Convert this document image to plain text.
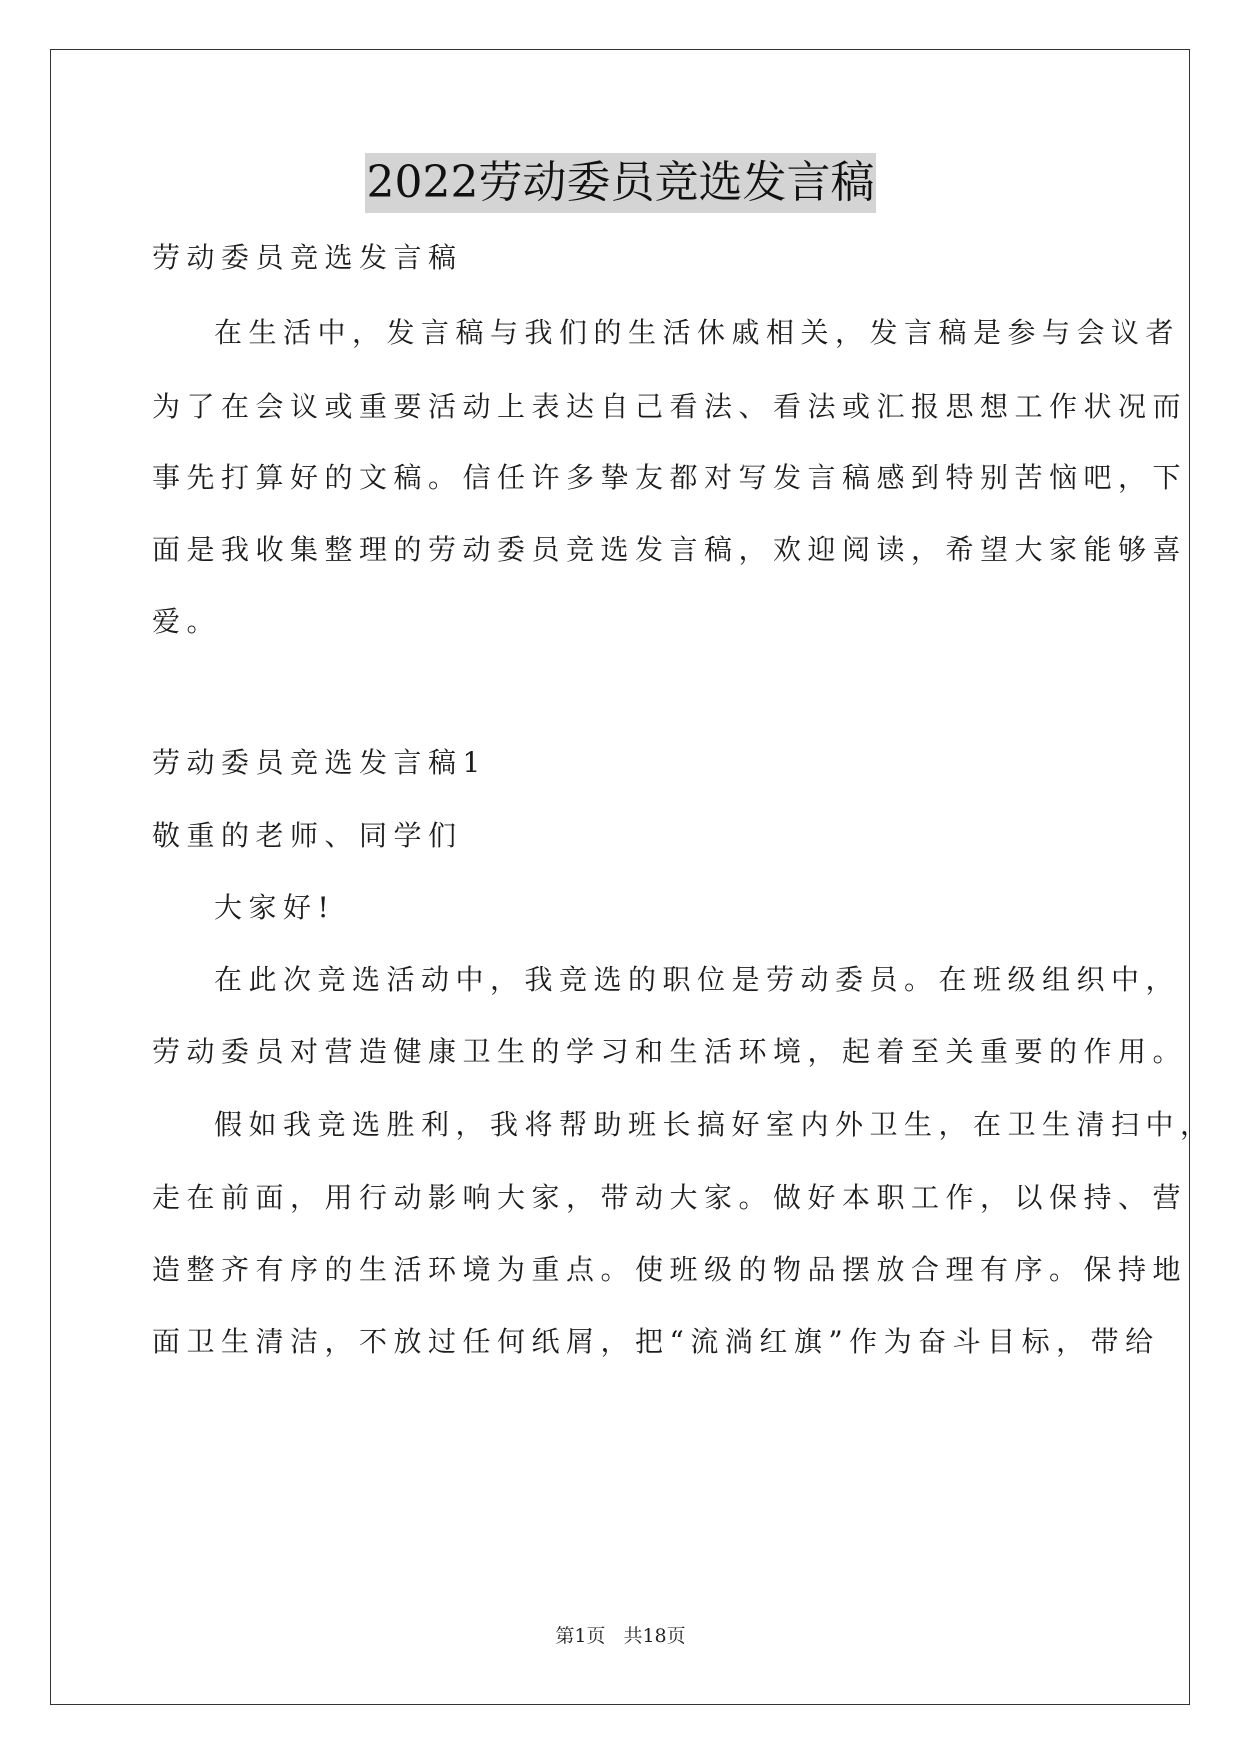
2022劳动委员竞选发言稿
劳动委员竞选发言稿
在生活中，发言稿与我们的生活休戚相关，发言稿是参与会议者
为了在会议或重要活动上表达自己看法、看法或汇报思想工作状况而
事先打算好的文稿。信任许多挚友都对写发言稿感到特别苦恼吧，下
面是我收集整理的劳动委员竞选发言稿，欢迎阅读，希望大家能够喜
爱。
劳动委员竞选发言稿1
敬重的老师、同学们
大家好!
在此次竞选活动中，我竞选的职位是劳动委员。在班级组织中，
劳动委员对营造健康卫生的学习和生活环境，起着至关重要的作用。
假如我竞选胜利，我将帮助班长搞好室内外卫生，在卫生清扫中，
走在前面，用行动影响大家，带动大家。做好本职工作，以保持、营
造整齐有序的生活环境为重点。使班级的物品摆放合理有序。保持地
面卫生清洁，不放过任何纸屑，把“流淌红旗”作为奋斗目标，带给
第1页 共18页
